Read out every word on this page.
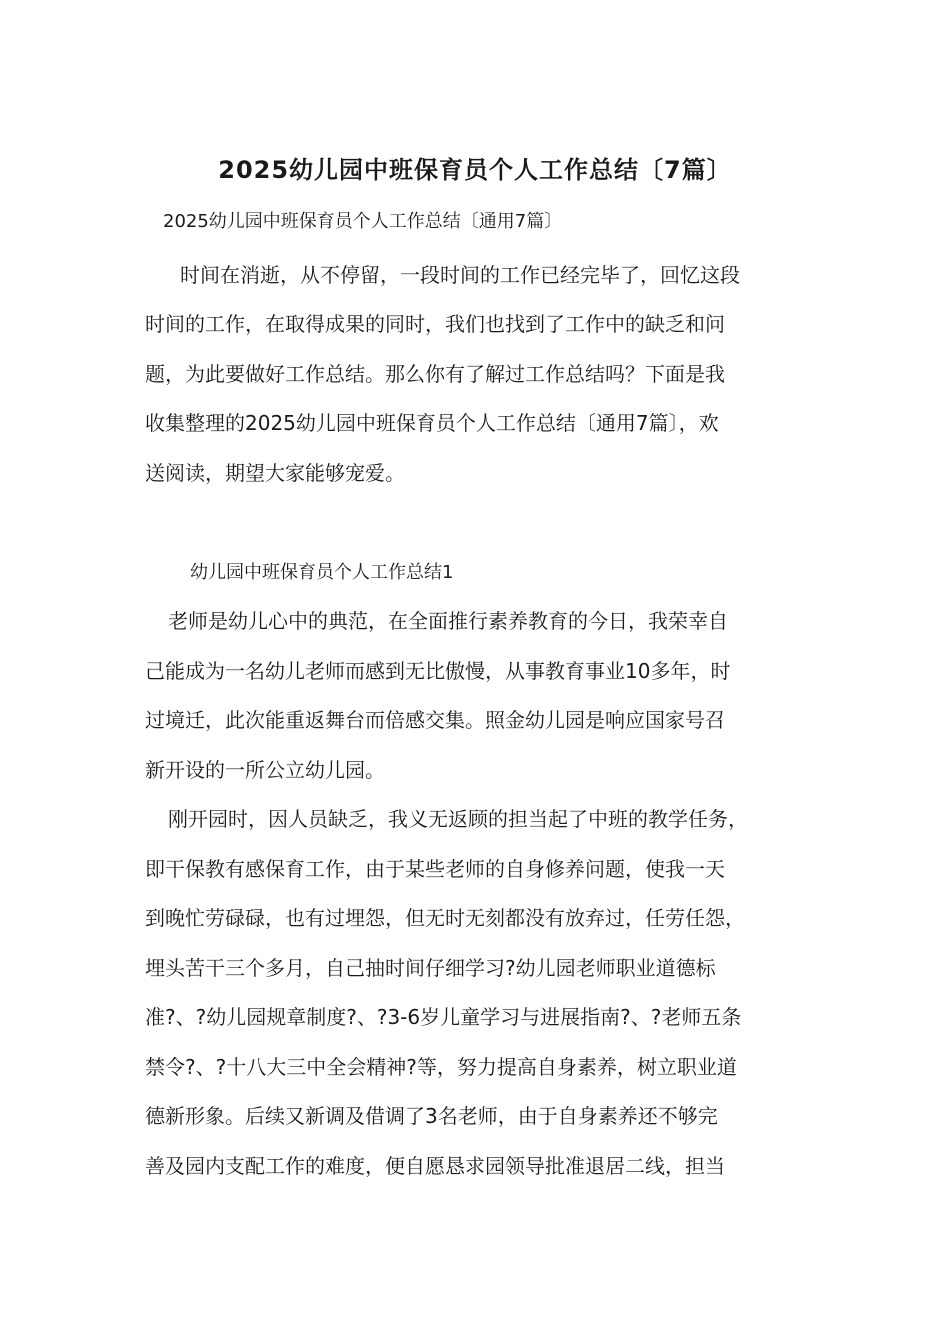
2025幼儿园中班保育员个人工作总结〔7篇〕
2025幼儿园中班保育员个人工作总结〔通用7篇〕
时间在消逝，从不停留，一段时间的工作已经完毕了，回忆这段
时间的工作，在取得成果的同时，我们也找到了工作中的缺乏和问
题，为此要做好工作总结。那么你有了解过工作总结吗？下面是我
收集整理的2025幼儿园中班保育员个人工作总结〔通用7篇〕，欢
送阅读，期望大家能够宠爱。
幼儿园中班保育员个人工作总结1
老师是幼儿心中的典范，在全面推行素养教育的今日，我荣幸自
己能成为一名幼儿老师而感到无比傲慢，从事教育事业10多年，时
过境迁，此次能重返舞台而倍感交集。照金幼儿园是响应国家号召
新开设的一所公立幼儿园。
刚开园时，因人员缺乏，我义无返顾的担当起了中班的教学任务，
即干保教有感保育工作，由于某些老师的自身修养问题，使我一天
到晚忙劳碌碌，也有过埋怨，但无时无刻都没有放弃过，任劳任怨，
埋头苦干三个多月，自己抽时间仔细学习?幼儿园老师职业道德标
准?、?幼儿园规章制度?、?3-6岁儿童学习与进展指南?、?老师五条
禁令?、?十八大三中全会精神?等，努力提高自身素养，树立职业道
德新形象。后续又新调及借调了3名老师，由于自身素养还不够完
善及园内支配工作的难度，便自愿恳求园领导批准退居二线，担当
